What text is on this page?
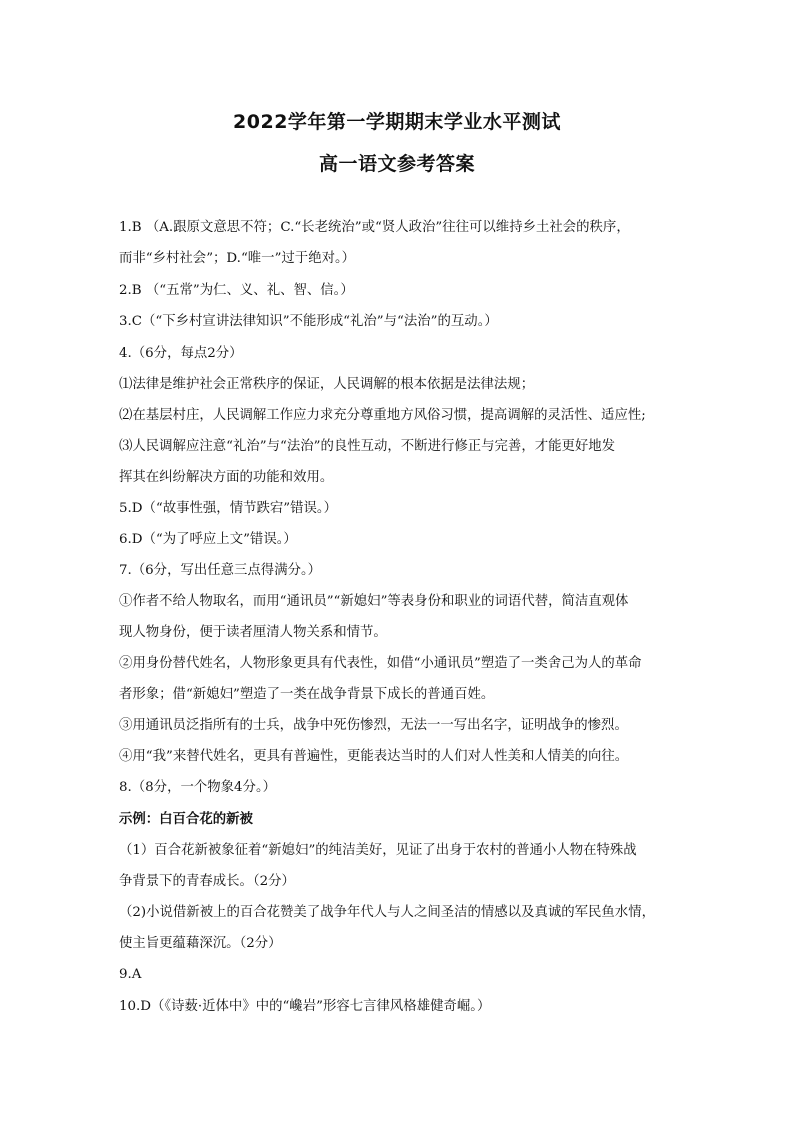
2022学年第一学期期末学业水平测试
高一语文参考答案
1.B （A.跟原文意思不符；C.“长老统治”或“贤人政治”往往可以维持乡土社会的秩序，
而非“乡村社会”；D.“唯一”过于绝对。）
2.B （“五常”为仁、义、礼、智、信。）
3.C（“下乡村宣讲法律知识”不能形成“礼治”与“法治”的互动。）
4.（6分，每点2分）
⑴法律是维护社会正常秩序的保证，人民调解的根本依据是法律法规；
⑵在基层村庄，人民调解工作应力求充分尊重地方风俗习惯，提高调解的灵活性、适应性;
⑶人民调解应注意“礼治”与“法治”的良性互动，不断进行修正与完善，才能更好地发
挥其在纠纷解决方面的功能和效用。
5.D（“故事性强，情节跌宕”错误。）
6.D（“为了呼应上文”错误。）
7.（6分，写出任意三点得满分。）
①作者不给人物取名，而用“通讯员”“新媳妇”等表身份和职业的词语代替，简洁直观体
现人物身份，便于读者厘清人物关系和情节。
②用身份替代姓名，人物形象更具有代表性，如借“小通讯员”塑造了一类舍己为人的革命
者形象；借“新媳妇”塑造了一类在战争背景下成长的普通百姓。
③用通讯员泛指所有的士兵，战争中死伤惨烈，无法一一写出名字，证明战争的惨烈。
④用“我”来替代姓名，更具有普遍性，更能表达当时的人们对人性美和人情美的向往。
8.（8分，一个物象4分。）
示例：白百合花的新被
（1）百合花新被象征着“新媳妇”的纯洁美好，见证了出身于农村的普通小人物在特殊战
争背景下的青春成长。（2分）
（2)小说借新被上的百合花赞美了战争年代人与人之间圣洁的情感以及真诚的军民鱼水情，
使主旨更蕴藉深沉。（2分）
9.A
10.D（《诗薮·近体中》中的“巉岩”形容七言律风格雄健奇崛。）
